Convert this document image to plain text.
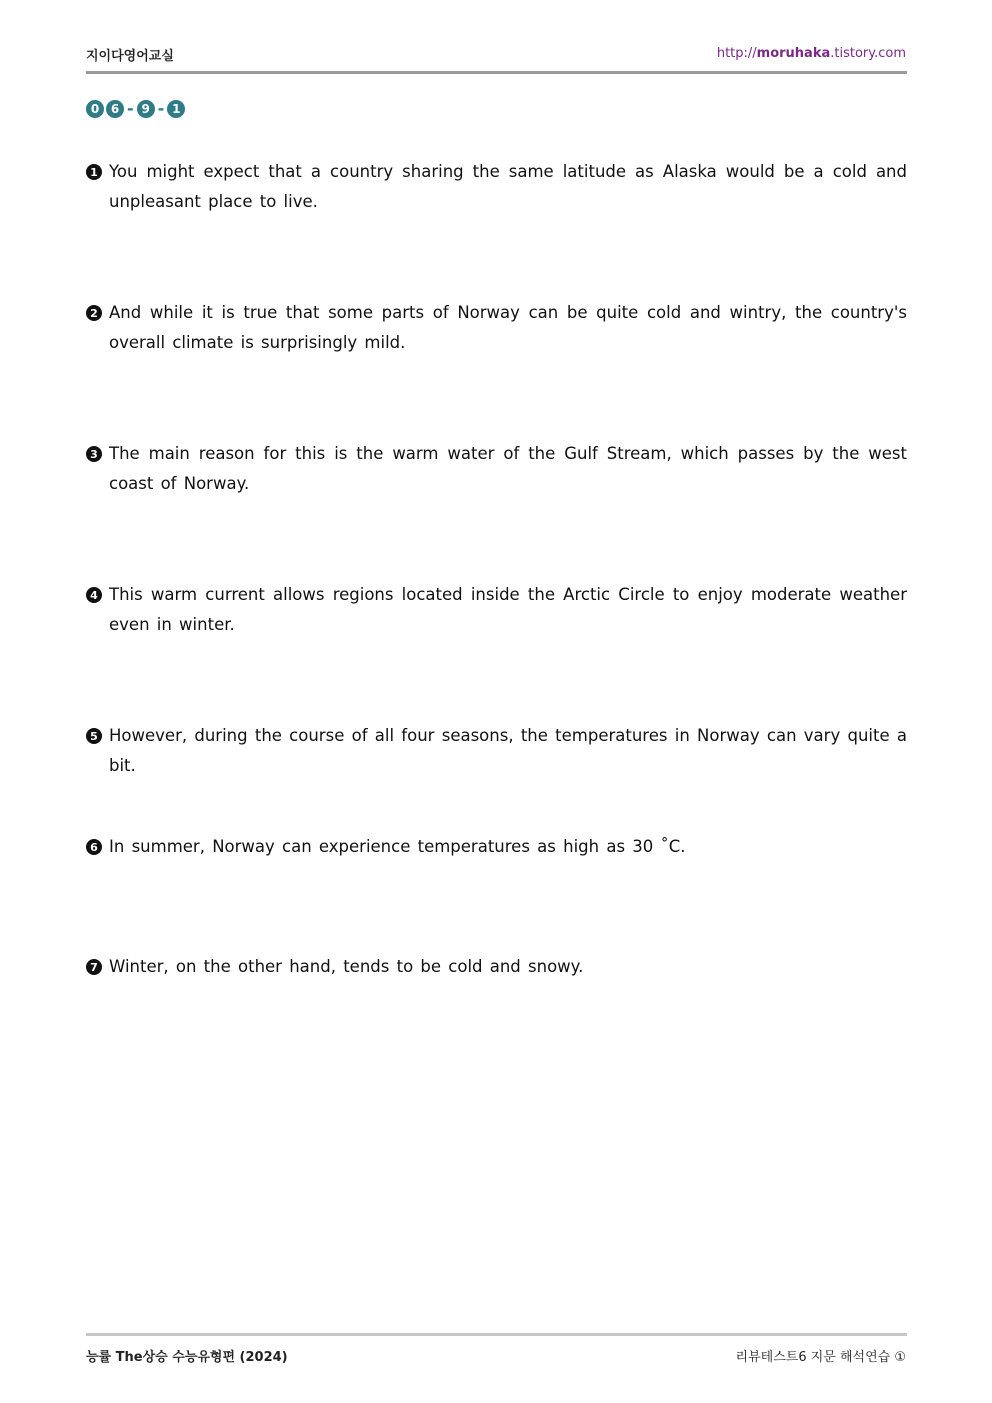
지이다영어교실	http://moruhaka.tistory.com
0 6 - 9 - 1
1 You might expect that a country sharing the same latitude as Alaska would be a cold and unpleasant place to live.
2 And while it is true that some parts of Norway can be quite cold and wintry, the country's overall climate is surprisingly mild.
3 The main reason for this is the warm water of the Gulf Stream, which passes by the west coast of Norway.
4 This warm current allows regions located inside the Arctic Circle to enjoy moderate weather even in winter.
5 However, during the course of all four seasons, the temperatures in Norway can vary quite a bit.
6 In summer, Norway can experience temperatures as high as 30 ˚C.
7 Winter, on the other hand, tends to be cold and snowy.
능률 The상승 수능유형편 (2024)	리뷰테스트6 지문 해석연습 ①
